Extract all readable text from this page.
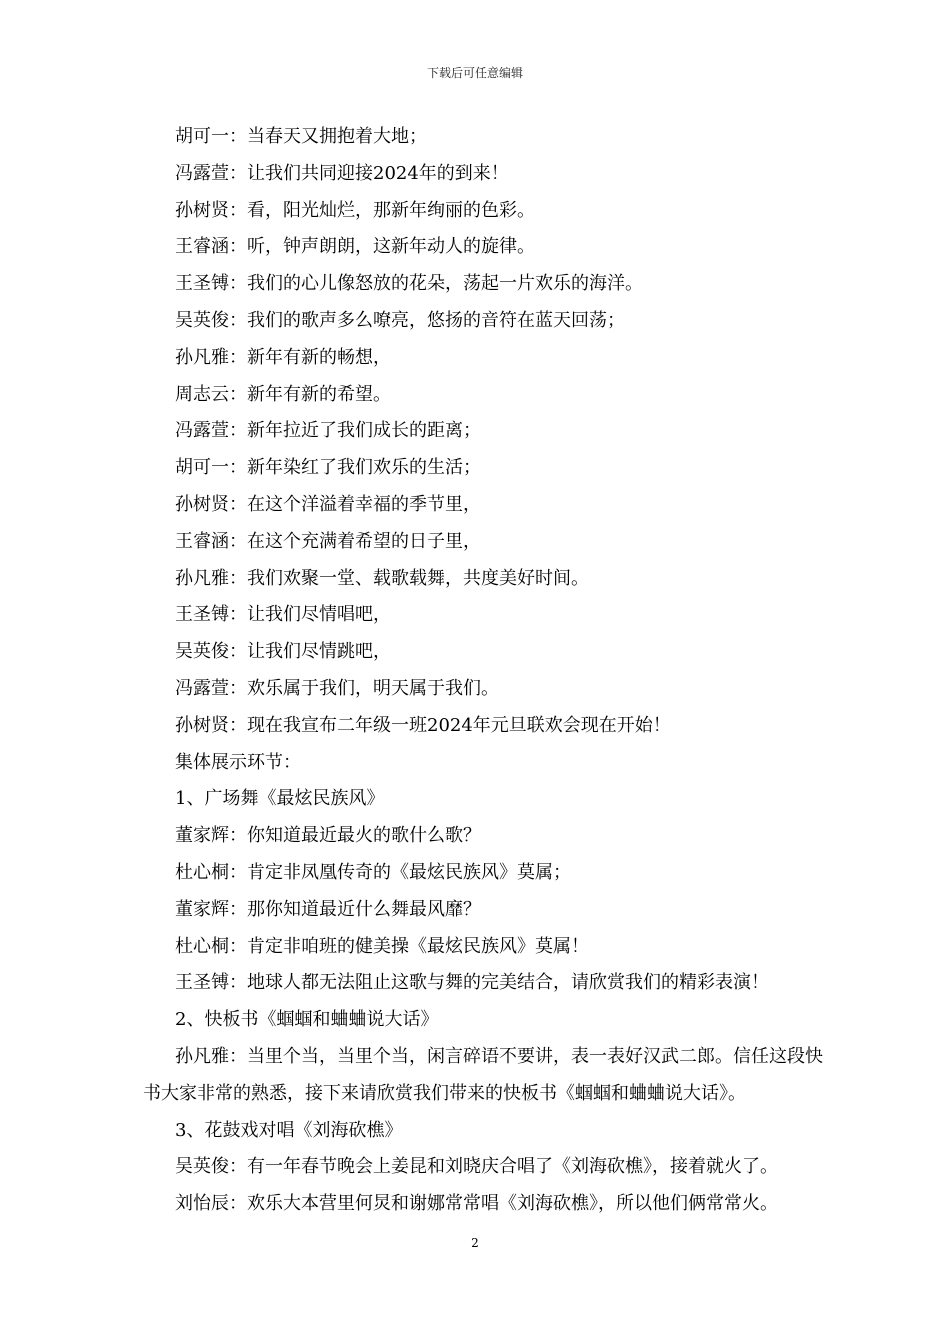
下载后可任意编辑

胡可一：当春天又拥抱着大地；

冯露萱：让我们共同迎接2024年的到来！

孙树贤：看，阳光灿烂，那新年绚丽的色彩。

王睿涵：听，钟声朗朗，这新年动人的旋律。

王圣镈：我们的心儿像怒放的花朵，荡起一片欢乐的海洋。

吴英俊：我们的歌声多么嘹亮，悠扬的音符在蓝天回荡；

孙凡雅：新年有新的畅想，

周志云：新年有新的希望。

冯露萱：新年拉近了我们成长的距离；

胡可一：新年染红了我们欢乐的生活；

孙树贤：在这个洋溢着幸福的季节里，

王睿涵：在这个充满着希望的日子里，

孙凡雅：我们欢聚一堂、载歌载舞，共度美好时间。

王圣镈：让我们尽情唱吧，

吴英俊：让我们尽情跳吧，

冯露萱：欢乐属于我们，明天属于我们。

孙树贤：现在我宣布二年级一班2024年元旦联欢会现在开始！

集体展示环节：

1、广场舞《最炫民族风》

董家辉：你知道最近最火的歌什么歌？

杜心桐：肯定非凤凰传奇的《最炫民族风》莫属；

董家辉：那你知道最近什么舞最风靡？

杜心桐：肯定非咱班的健美操《最炫民族风》莫属！

王圣镈：地球人都无法阻止这歌与舞的完美结合，请欣赏我们的精彩表演！

2、快板书《蝈蝈和蛐蛐说大话》

孙凡雅：当里个当，当里个当，闲言碎语不要讲，表一表好汉武二郎。信任这段快书大家非常的熟悉，接下来请欣赏我们带来的快板书《蝈蝈和蛐蛐说大话》。

3、花鼓戏对唱《刘海砍樵》

吴英俊：有一年春节晚会上姜昆和刘晓庆合唱了《刘海砍樵》，接着就火了。

刘怡辰：欢乐大本营里何炅和谢娜常常唱《刘海砍樵》，所以他们俩常常火。

2
